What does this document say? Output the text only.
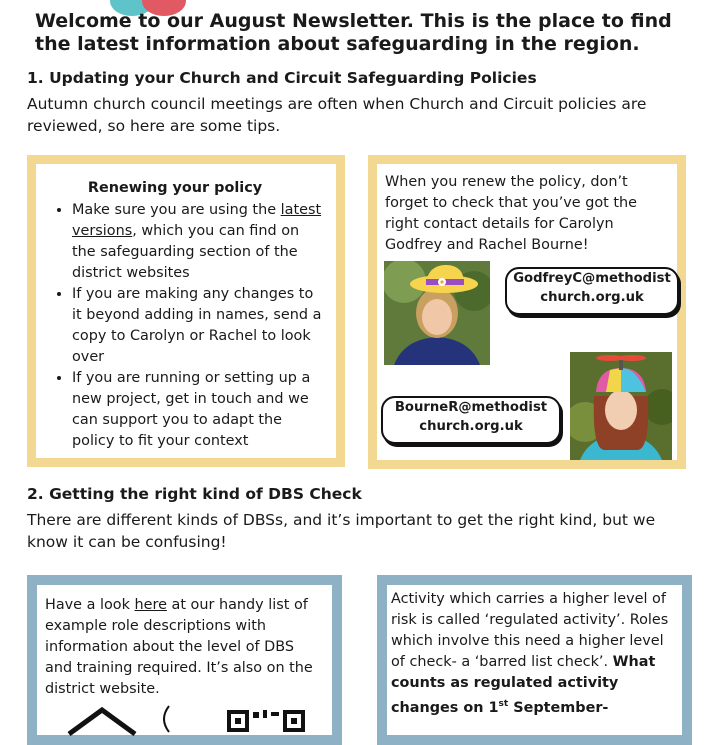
Welcome to our August Newsletter. This is the place to find the latest information about safeguarding in the region.
1. Updating your Church and Circuit Safeguarding Policies
Autumn church council meetings are often when Church and Circuit policies are reviewed, so here are some tips.
Renewing your policy
• Make sure you are using the latest versions, which you can find on the safeguarding section of the district websites
• If you are making any changes to it beyond adding in names, send a copy to Carolyn or Rachel to look over
• If you are running or setting up a new project, get in touch and we can support you to adapt the policy to fit your context
When you renew the policy, don’t forget to check that you’ve got the right contact details for Carolyn Godfrey and Rachel Bourne!
GodfreyC@methodist
church.org.uk
BourneR@methodist
church.org.uk
2. Getting the right kind of DBS Check
There are different kinds of DBSs, and it’s important to get the right kind, but we know it can be confusing!
Have a look here at our handy list of example role descriptions with information about the level of DBS and training required. It’s also on the district website.
Activity which carries a higher level of risk is called ‘regulated activity’. Roles which involve this need a higher level of check- a ‘barred list check’. What counts as regulated activity changes on 1st September-
